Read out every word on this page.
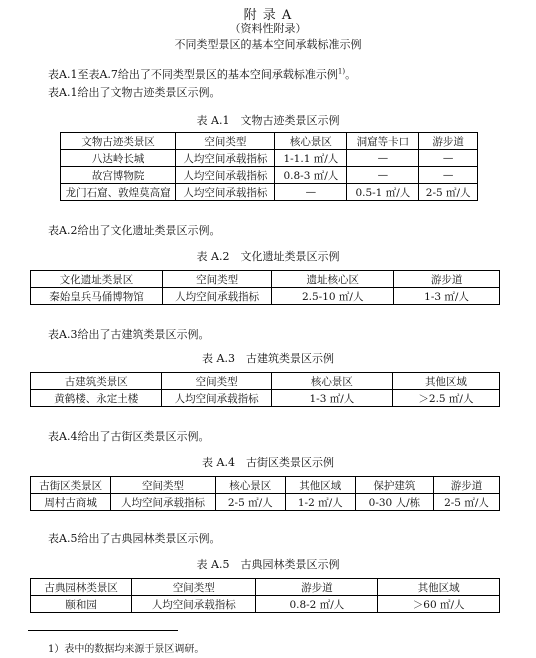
附 录 A
（资料性附录）
不同类型景区的基本空间承载标准示例
表A.1至表A.7给出了不同类型景区的基本空间承载标准示例$^{1)}$。
表A.1给出了文物古迹类景区示例。
表 A.1　文物古迹类景区示例
文物古迹类景区	空间类型	核心景区	洞窟等卡口	游步道
八达岭长城	人均空间承载指标	1-1.1 ㎡/人	—	—
故宫博物院	人均空间承载指标	0.8-3 ㎡/人	—	—
龙门石窟、敦煌莫高窟	人均空间承载指标	—	0.5-1 ㎡/人	2-5 ㎡/人
表A.2给出了文化遗址类景区示例。
表 A.2　文化遗址类景区示例
文化遗址类景区	空间类型	遗址核心区	游步道
秦始皇兵马俑博物馆	人均空间承载指标	2.5-10 ㎡/人	1-3 ㎡/人
表A.3给出了古建筑类景区示例。
表 A.3　古建筑类景区示例
古建筑类景区	空间类型	核心景区	其他区域
黄鹤楼、永定土楼	人均空间承载指标	1-3 ㎡/人	＞2.5 ㎡/人
表A.4给出了古街区类景区示例。
表 A.4　古街区类景区示例
古街区类景区	空间类型	核心景区	其他区域	保护建筑	游步道
周村古商城	人均空间承载指标	2-5 ㎡/人	1-2 ㎡/人	0-30 人/栋	2-5 ㎡/人
表A.5给出了古典园林类景区示例。
表 A.5　古典园林类景区示例
古典园林类景区	空间类型	游步道	其他区域
颐和园	人均空间承载指标	0.8-2 ㎡/人	＞60 ㎡/人
1）表中的数据均来源于景区调研。
